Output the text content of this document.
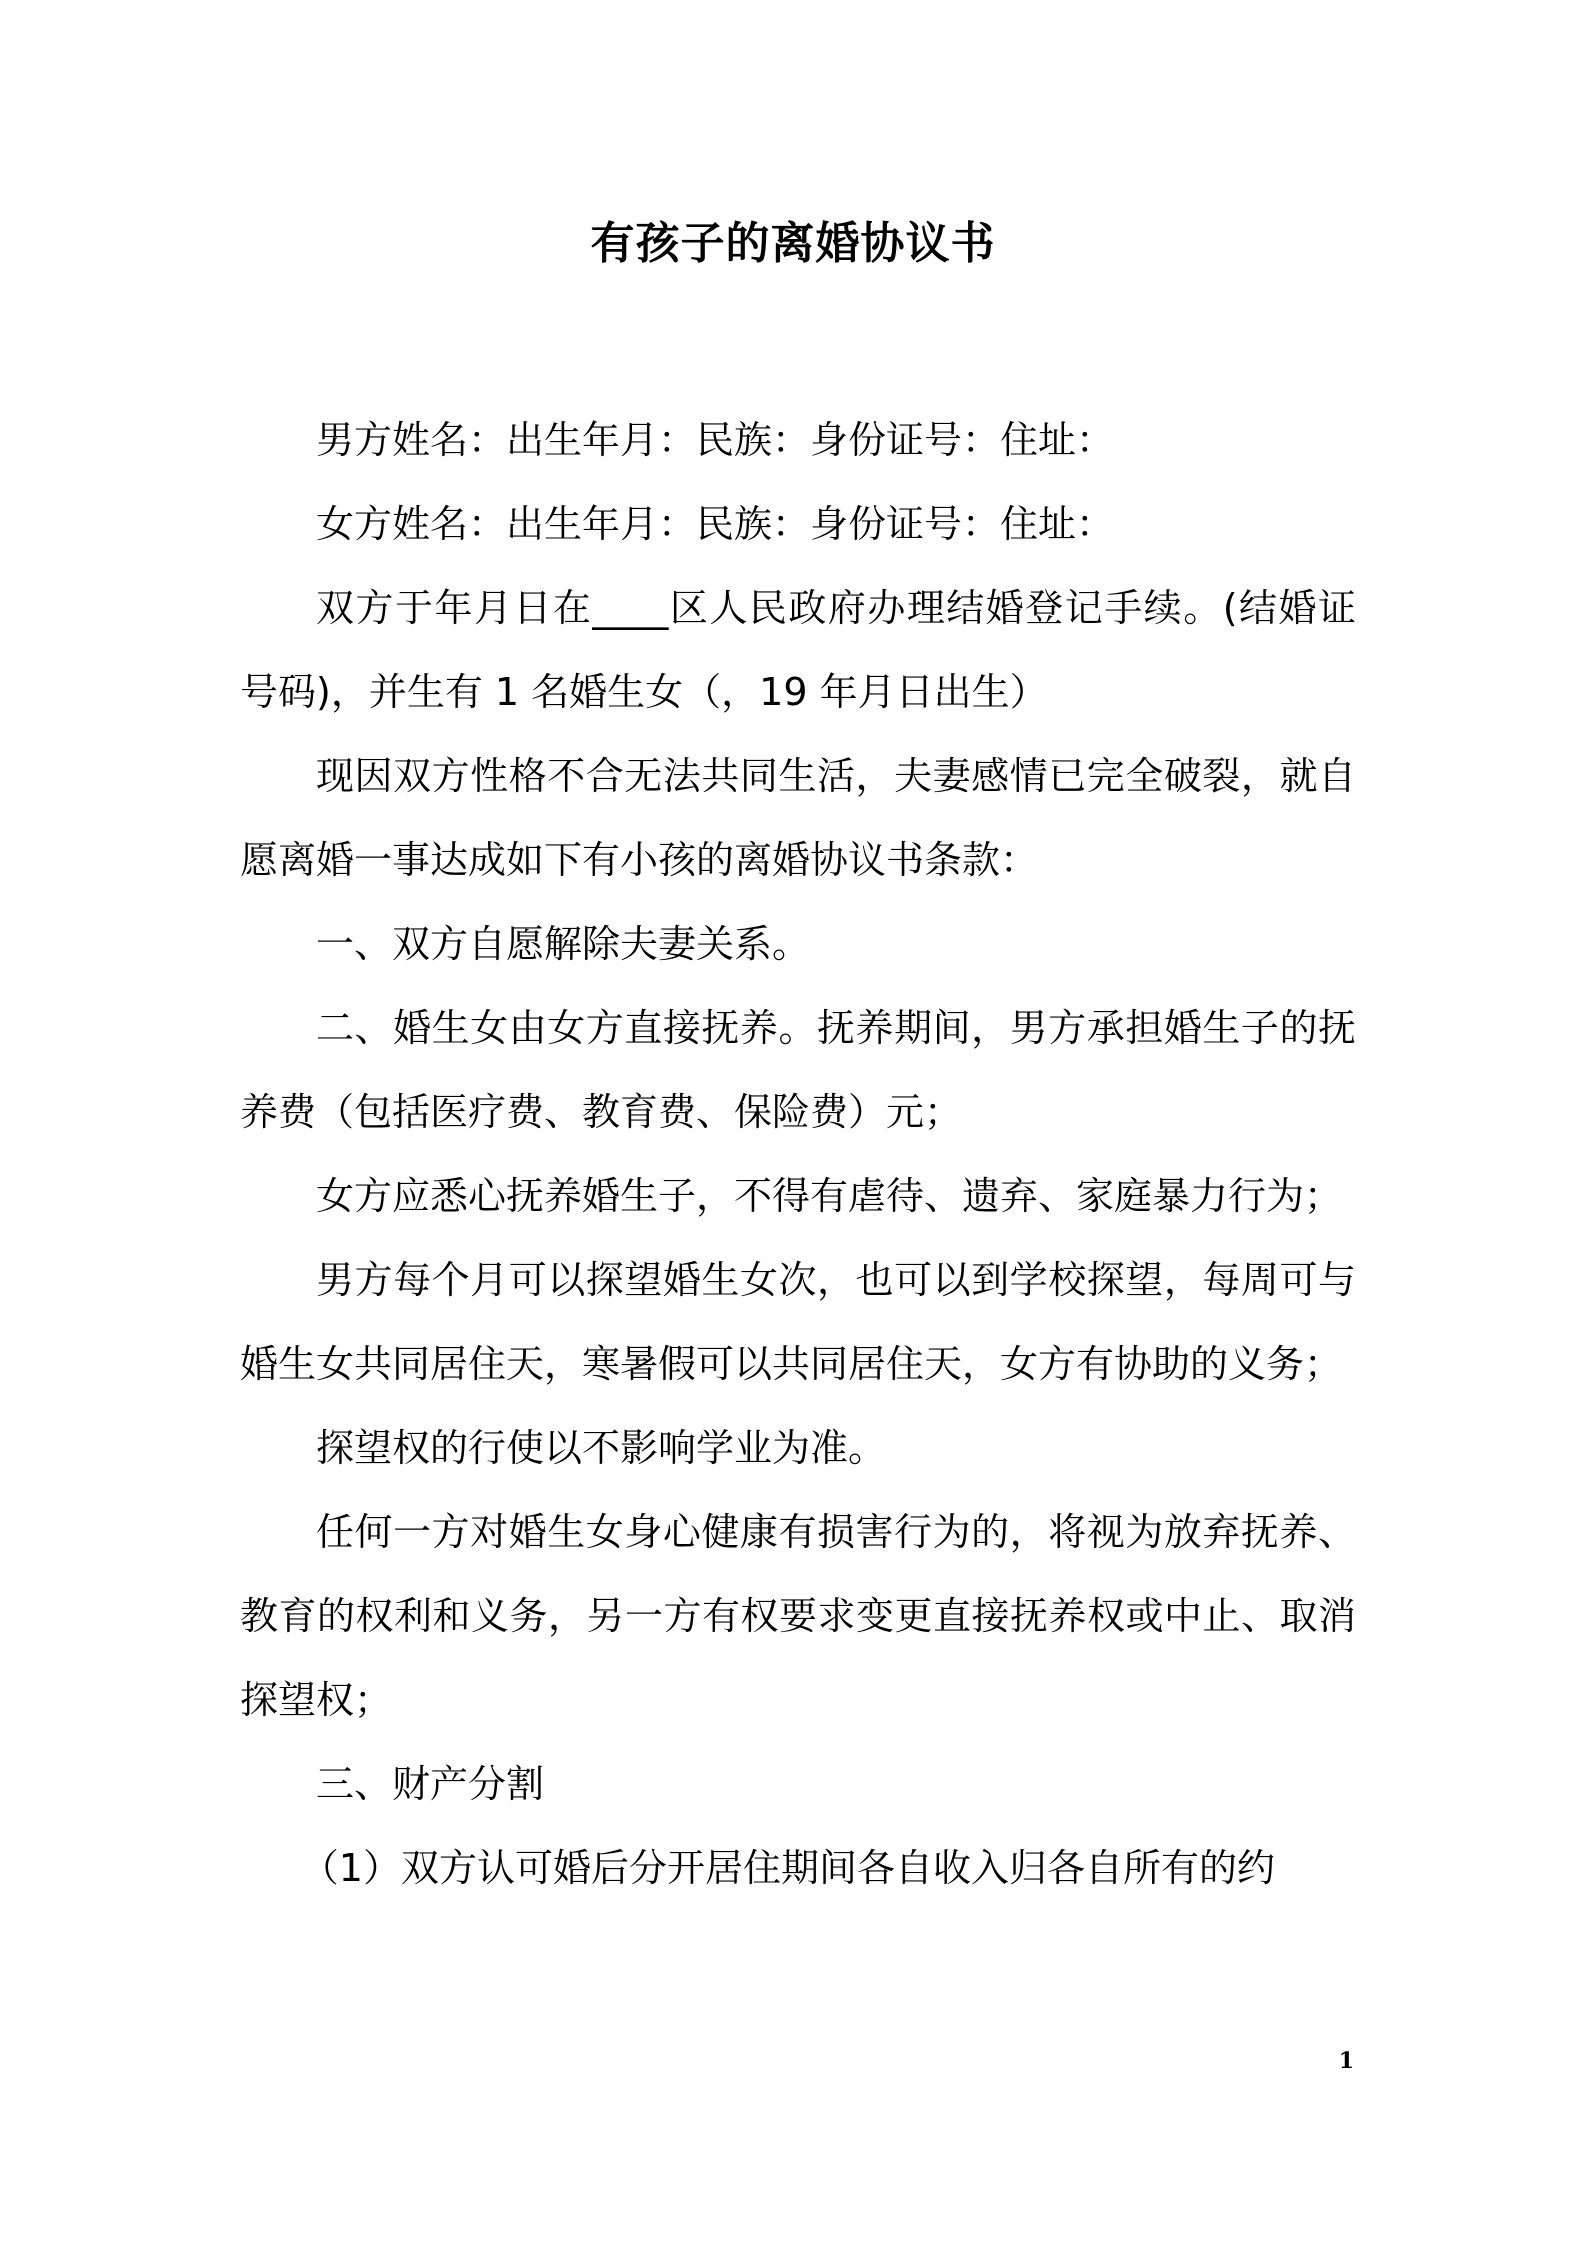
有孩子的离婚协议书

男方姓名：出生年月：民族：身份证号：住址：

女方姓名：出生年月：民族：身份证号：住址：

双方于年月日在____区人民政府办理结婚登记手续。(结婚证号码)，并生有 1 名婚生女（，19 年月日出生）

现因双方性格不合无法共同生活，夫妻感情已完全破裂，就自愿离婚一事达成如下有小孩的离婚协议书条款：

一、双方自愿解除夫妻关系。

二、婚生女由女方直接抚养。抚养期间，男方承担婚生子的抚养费（包括医疗费、教育费、保险费）元；

女方应悉心抚养婚生子，不得有虐待、遗弃、家庭暴力行为；

男方每个月可以探望婚生女次，也可以到学校探望，每周可与婚生女共同居住天，寒暑假可以共同居住天，女方有协助的义务；

探望权的行使以不影响学业为准。

任何一方对婚生女身心健康有损害行为的，将视为放弃抚养、教育的权利和义务，另一方有权要求变更直接抚养权或中止、取消探望权；

三、财产分割

（1）双方认可婚后分开居住期间各自收入归各自所有的约

1
